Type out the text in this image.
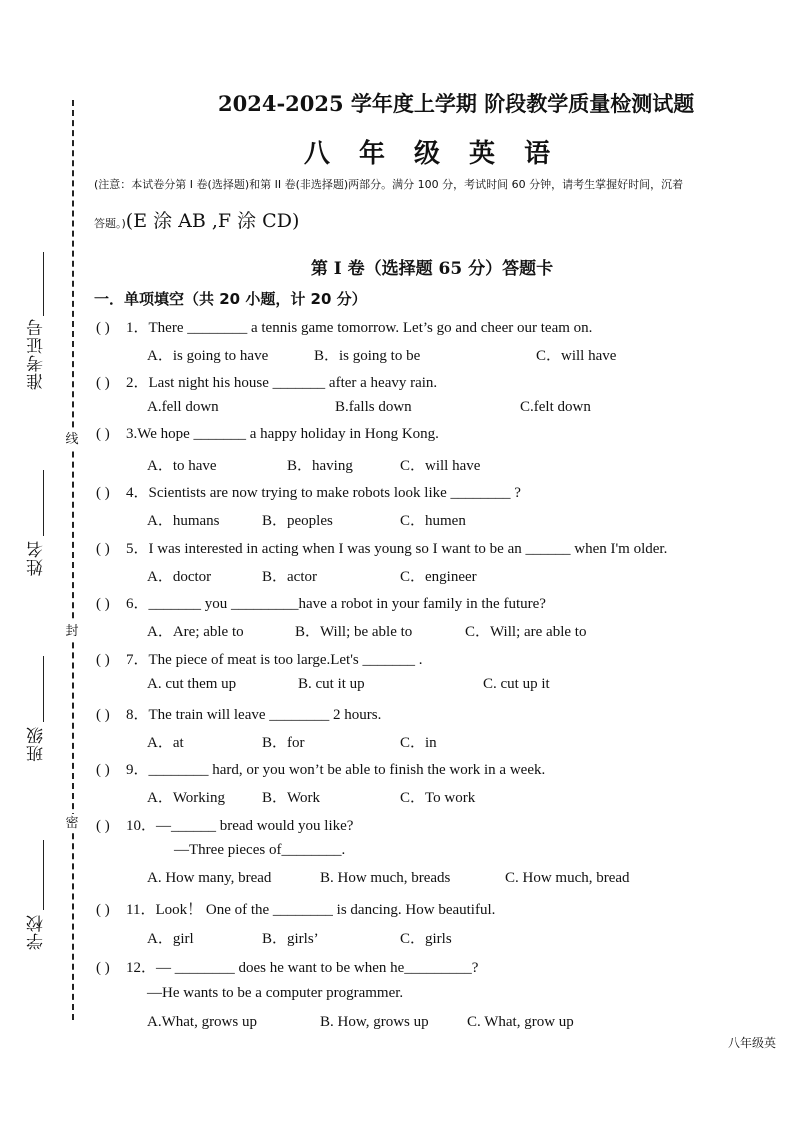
线
封
密
准考证号
姓名
班级
学校
2024-2025 学年度上学期 阶段教学质量检测试题
八 年 级 英 语
(注意：本试卷分第 I 卷(选择题)和第 II 卷(非选择题)两部分。满分 100 分，考试时间 60 分钟，请考生掌握好时间，沉着
答题。)(E 涂 AB ,F 涂 CD)
第 I 卷（选择题 65 分）答题卡
一．单项填空（共 20 小题，计 20 分）
( ) 1．There ________ a tennis game tomorrow. Let’s go and cheer our team on.
A．is going to have	B．is going to be	C．will have
( ) 2．Last night his house _______ after a heavy rain.
A.fell down	B.falls down	C.felt down
( ) 3.We hope _______ a happy holiday in Hong Kong.
A．to have	B．having	C．will have
( ) 4．Scientists are now trying to make robots look like ________ ?
A．humans	B．peoples	C．humen
( ) 5．I was interested in acting when I was young so I want to be an ______ when I'm older.
A．doctor	B．actor	C．engineer
( ) 6．_______ you _________have a robot in your family in the future?
A．Are; able to	B．Will; be able to	C．Will; are able to
( ) 7．The piece of meat is too large.Let's _______ .
A. cut them up	B. cut it up	C. cut up it
( ) 8．The train will leave ________ 2 hours.
A．at	B．for	C．in
( ) 9．________ hard, or you won’t be able to finish the work in a week.
A．Working B．Work	C．To work
( ) 10．—______ bread would you like?
—Three pieces of________.
A. How many, bread	B. How much, breads	C. How much, bread
( ) 11．Look！ One of the ________ is dancing. How beautiful.
A．girl	B．girls’	C．girls
( ) 12．— ________ does he want to be when he_________?
—He wants to be a computer programmer.
A.What, grows up	B. How, grows up	C. What, grow up
八年级英
